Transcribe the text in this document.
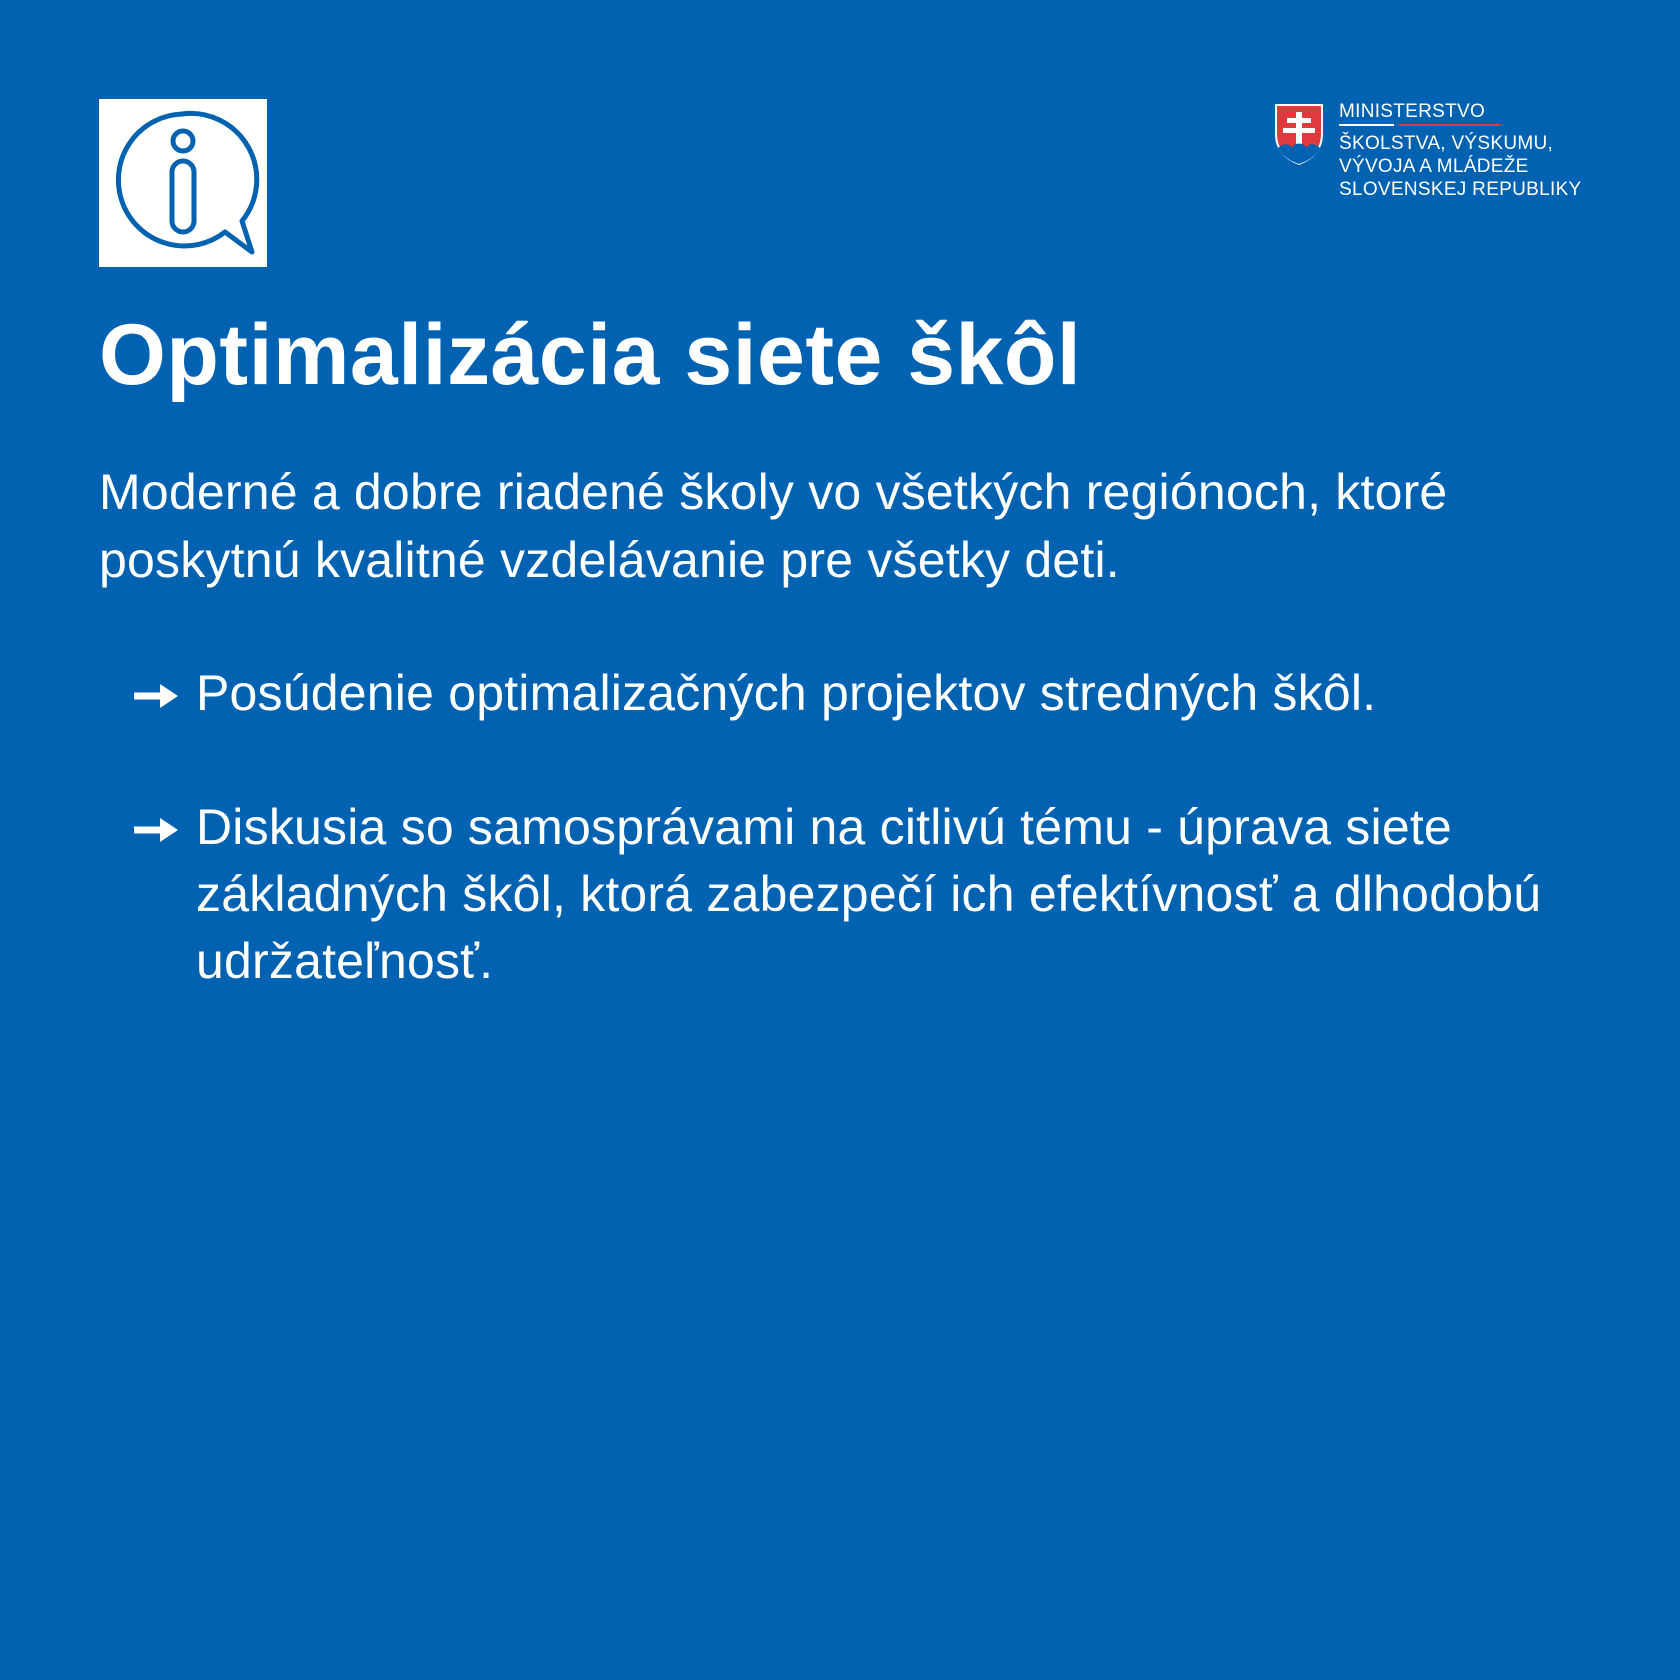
MINISTERSTVO
ŠKOLSTVA, VÝSKUMU,
VÝVOJA A MLÁDEŽE
SLOVENSKEJ REPUBLIKY
Optimalizácia siete škôl

Moderné a dobre riadené školy vo všetkých regiónoch, ktoré poskytnú kvalitné vzdelávanie pre všetky deti.

Posúdenie optimalizačných projektov stredných škôl.
Diskusia so samosprávami na citlivú tému - úprava siete základných škôl, ktorá zabezpečí ich efektívnosť a dlhodobú udržateľnosť.
